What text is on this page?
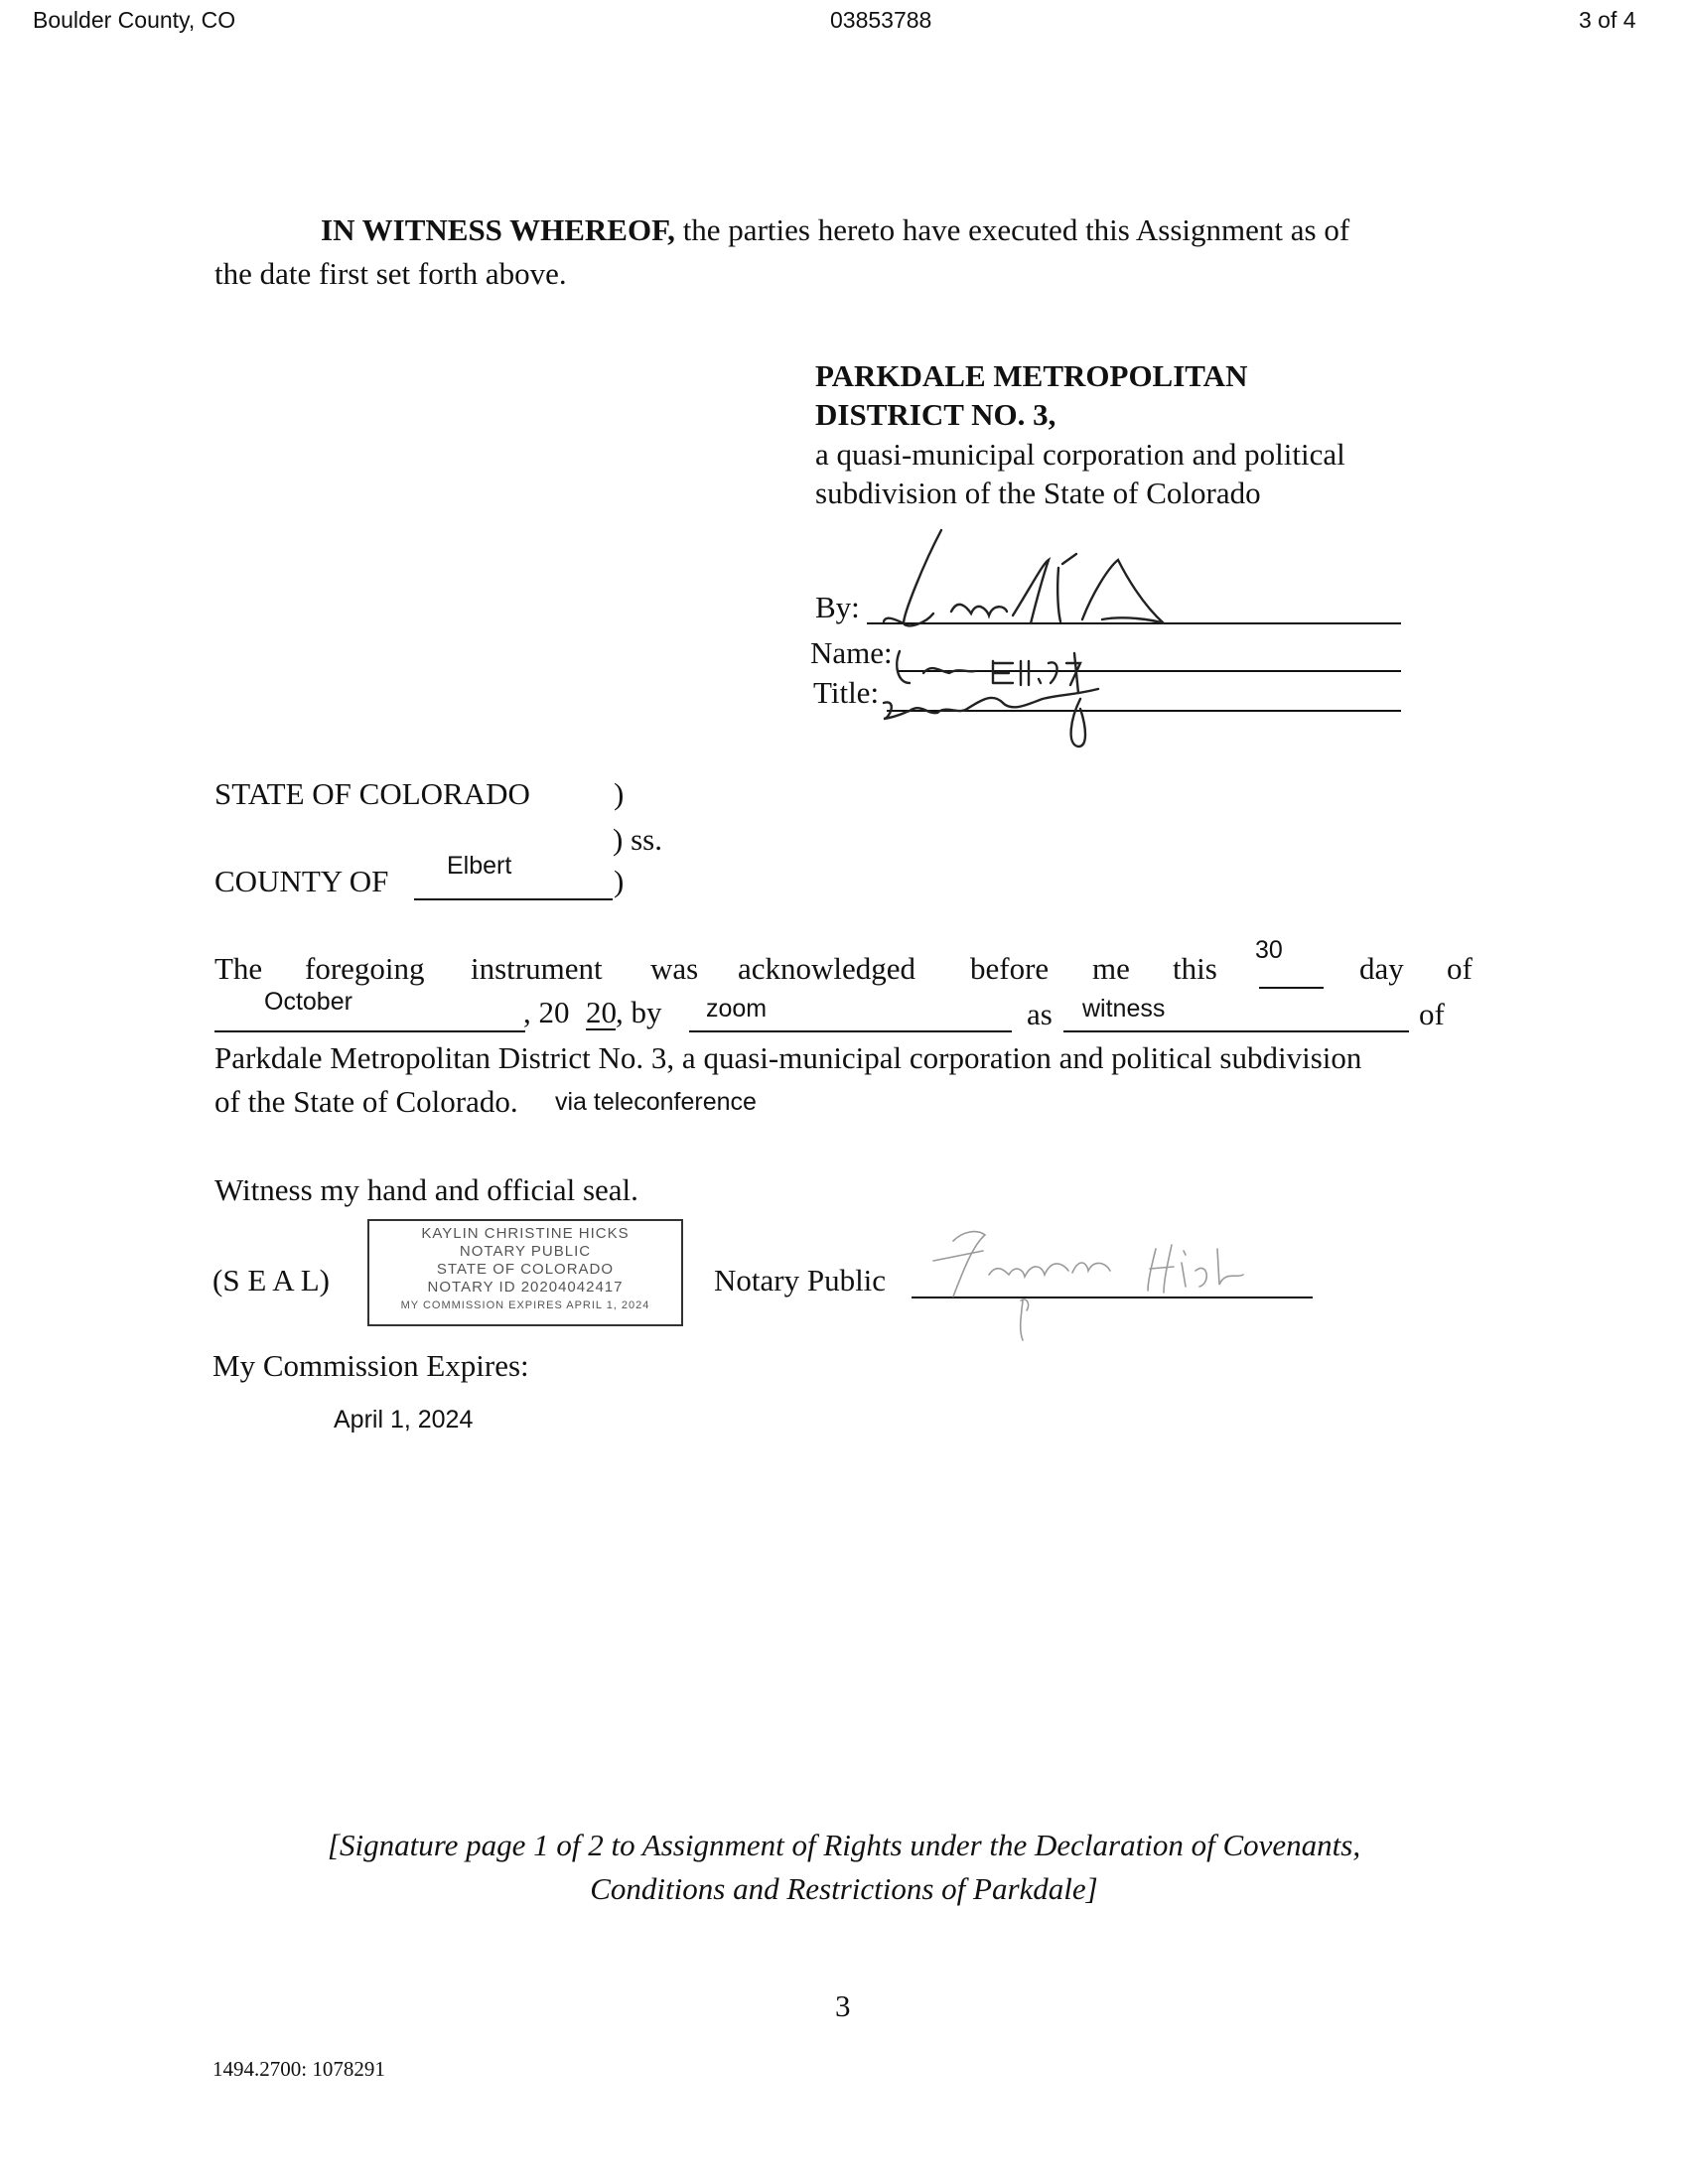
Boulder County, CO	03853788	3 of 4
IN WITNESS WHEREOF, the parties hereto have executed this Assignment as of
the date first set forth above.
PARKDALE METROPOLITAN
DISTRICT NO. 3,
a quasi-municipal corporation and political
subdivision of the State of Colorado
By:
Name:
Title:
STATE OF COLORADO	)
) ss.
COUNTY OF Elbert	)
The foregoing instrument was acknowledged before me this
30
day of
October	, 20 20 , by zoom	as witness	of
Parkdale Metropolitan District No. 3, a quasi-municipal corporation and political subdivision
of the State of Colorado. via teleconference
Witness my hand and official seal.
(S E A L)
KAYLIN CHRISTINE HICKS
NOTARY PUBLIC
STATE OF COLORADO
NOTARY ID 20204042417
MY COMMISSION EXPIRES APRIL 1, 2024
Notary Public
My Commission Expires:
April 1, 2024
[Signature page 1 of 2 to Assignment of Rights under the Declaration of Covenants,
Conditions and Restrictions of Parkdale]
3
1494.2700: 1078291
